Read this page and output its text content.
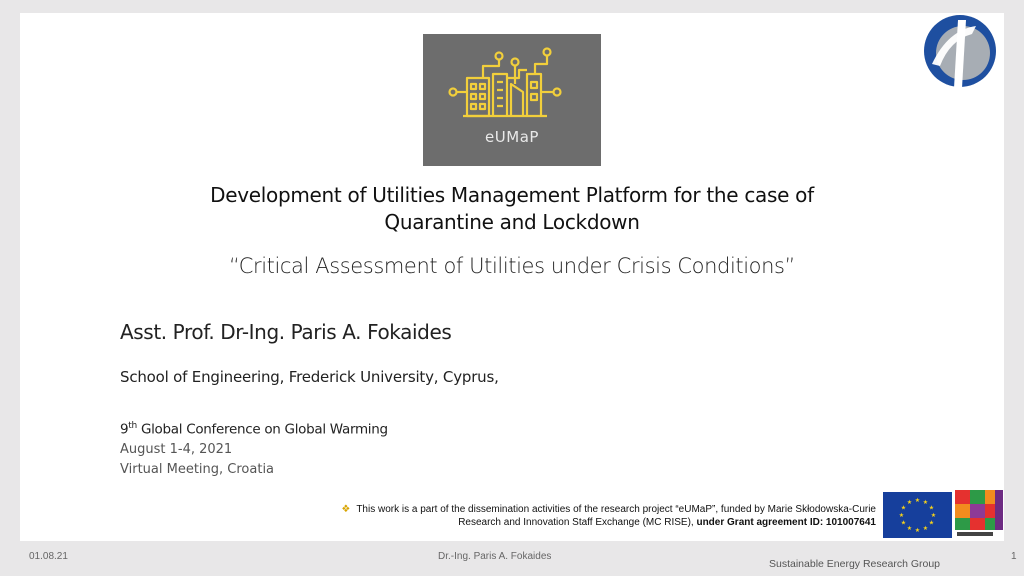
eUMaP
Development of Utilities Management Platform for the case of
Quarantine and Lockdown
“Critical Assessment of Utilities under Crisis Conditions”
Asst. Prof. Dr-Ing. Paris A. Fokaides
School of Engineering, Frederick University, Cyprus,
9th Global Conference on Global Warming
August 1-4, 2021
Virtual Meeting, Croatia
❖ This work is a part of the dissemination activities of the research project “eUMaP”, funded by Marie Skłodowska-Curie
Research and Innovation Staff Exchange (MC RISE), under Grant agreement ID: 101007641
★ ★
★
★
★
★
★
★
★
★
★
★
01.08.21	Dr.-Ing. Paris A. Fokaides
Sustainable Energy Research Group
1
